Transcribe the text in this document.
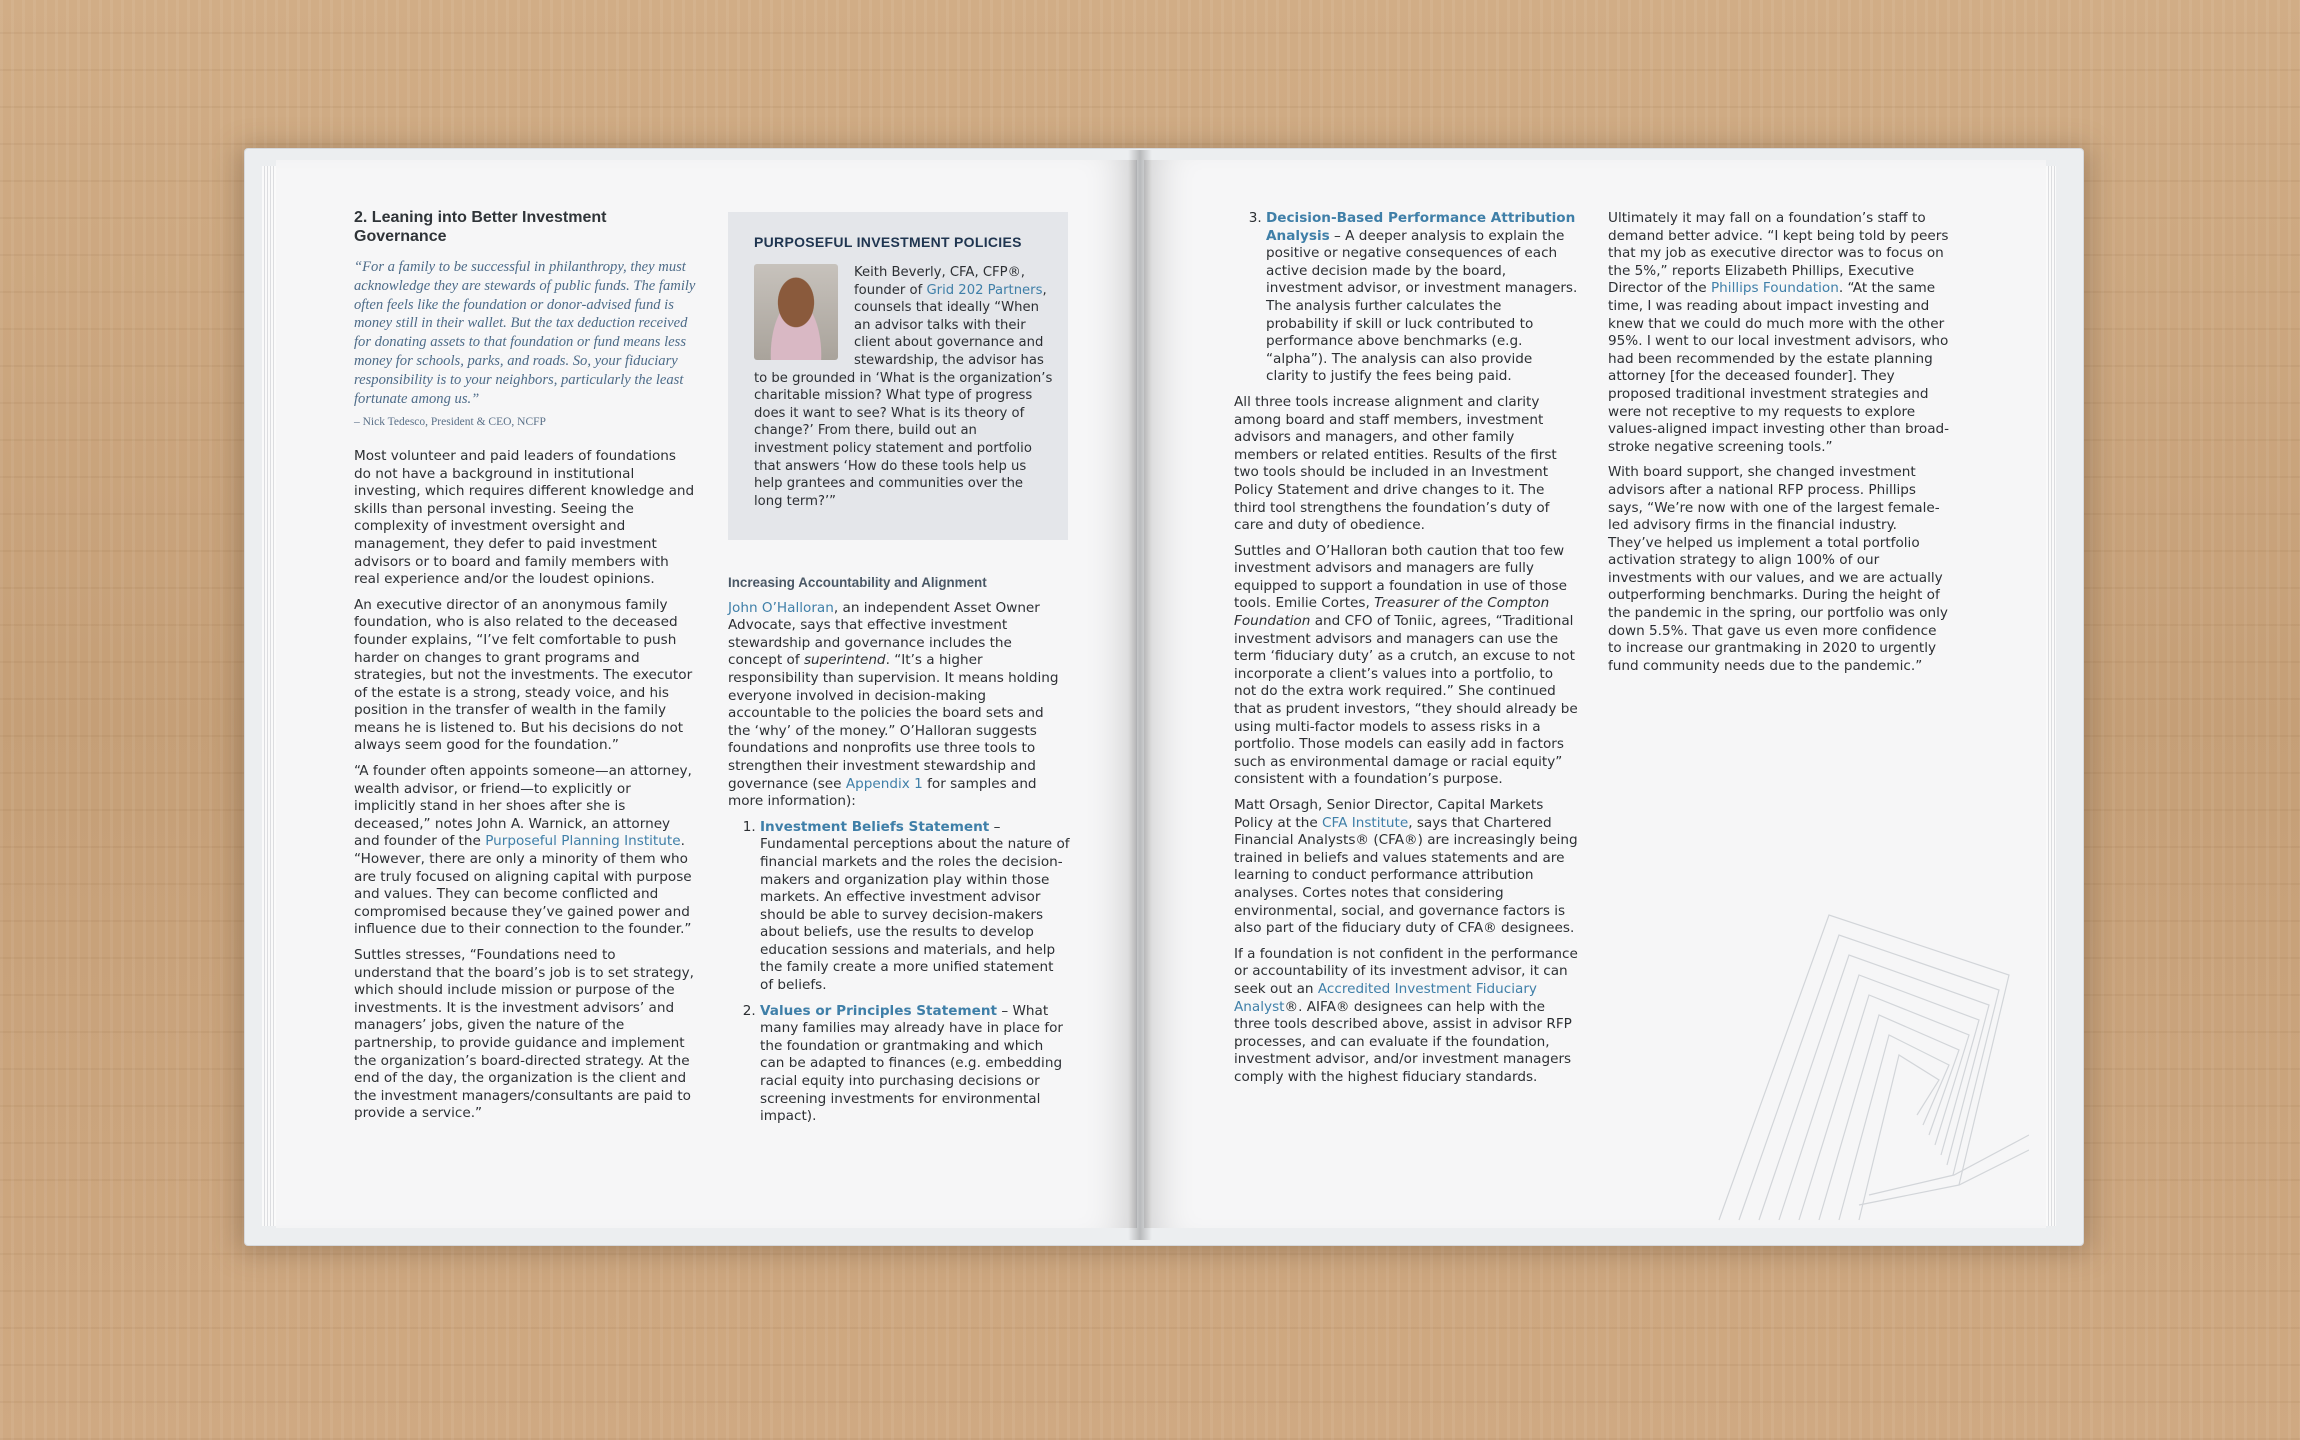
2. Leaning into Better Investment Governance
“For a family to be successful in philanthropy, they must acknowledge they are stewards of public funds. The family often feels like the foundation or donor-advised fund is money still in their wallet. But the tax deduction received for donating assets to that foundation or fund means less money for schools, parks, and roads. So, your fiduciary responsibility is to your neighbors, particularly the least fortunate among us.”
– Nick Tedesco, President & CEO, NCFP

Most volunteer and paid leaders of foundations do not have a background in institutional investing, which requires different knowledge and skills than personal investing. Seeing the complexity of investment oversight and management, they defer to paid investment advisors or to board and family members with real experience and/or the loudest opinions.

An executive director of an anonymous family foundation, who is also related to the deceased founder explains, “I’ve felt comfortable to push harder on changes to grant programs and strategies, but not the investments. The executor of the estate is a strong, steady voice, and his position in the transfer of wealth in the family means he is listened to. But his decisions do not always seem good for the foundation.”

“A founder often appoints someone—an attorney, wealth advisor, or friend—to explicitly or implicitly stand in her shoes after she is deceased,” notes John A. Warnick, an attorney and founder of the Purposeful Planning Institute. “However, there are only a minority of them who are truly focused on aligning capital with purpose and values. They can become conflicted and compromised because they’ve gained power and influence due to their connection to the founder.”

Suttles stresses, “Foundations need to understand that the board’s job is to set strategy, which should include mission or purpose of the investments. It is the investment advisors’ and managers’ jobs, given the nature of the partnership, to provide guidance and implement the organization’s board-directed strategy. At the end of the day, the organization is the client and the investment managers/consultants are paid to provide a service.”

PURPOSEFUL INVESTMENT POLICIES
Keith Beverly, CFA, CFP®, founder of Grid 202 Partners, counsels that ideally “When an advisor talks with their client about governance and stewardship, the advisor has to be grounded in ‘What is the organization’s charitable mission? What type of progress does it want to see? What is its theory of change?’ From there, build out an investment policy statement and portfolio that answers ‘How do these tools help us help grantees and communities over the long term?’”
Increasing Accountability and Alignment

John O’Halloran, an independent Asset Owner Advocate, says that effective investment stewardship and governance includes the concept of superintend. “It’s a higher responsibility than supervision. It means holding everyone involved in decision-making accountable to the policies the board sets and the ‘why’ of the money.” O’Halloran suggests foundations and nonprofits use three tools to strengthen their investment stewardship and governance (see Appendix 1 for samples and more information):

1. Investment Beliefs Statement – Fundamental perceptions about the nature of financial markets and the roles the decision-makers and organization play within those markets. An effective investment advisor should be able to survey decision-makers about beliefs, use the results to develop education sessions and materials, and help the family create a more unified statement of beliefs.
2. Values or Principles Statement – What many families may already have in place for the foundation or grantmaking and which can be adapted to finances (e.g. embedding racial equity into purchasing decisions or screening investments for environmental impact).
3. Decision-Based Performance Attribution Analysis – A deeper analysis to explain the positive or negative consequences of each active decision made by the board, investment advisor, or investment managers. The analysis further calculates the probability if skill or luck contributed to performance above benchmarks (e.g. “alpha”). The analysis can also provide clarity to justify the fees being paid.

All three tools increase alignment and clarity among board and staff members, investment advisors and managers, and other family members or related entities. Results of the first two tools should be included in an Investment Policy Statement and drive changes to it. The third tool strengthens the foundation’s duty of care and duty of obedience.

Suttles and O’Halloran both caution that too few investment advisors and managers are fully equipped to support a foundation in use of those tools. Emilie Cortes, Treasurer of the Compton Foundation and CFO of Toniic, agrees, “Traditional investment advisors and managers can use the term ‘fiduciary duty’ as a crutch, an excuse to not incorporate a client’s values into a portfolio, to not do the extra work required.” She continued that as prudent investors, “they should already be using multi-factor models to assess risks in a portfolio. Those models can easily add in factors such as environmental damage or racial equity” consistent with a foundation’s purpose.

Matt Orsagh, Senior Director, Capital Markets Policy at the CFA Institute, says that Chartered Financial Analysts® (CFA®) are increasingly being trained in beliefs and values statements and are learning to conduct performance attribution analyses. Cortes notes that considering environmental, social, and governance factors is also part of the fiduciary duty of CFA® designees.

If a foundation is not confident in the performance or accountability of its investment advisor, it can seek out an Accredited Investment Fiduciary Analyst®. AIFA® designees can help with the three tools described above, assist in advisor RFP processes, and can evaluate if the foundation, investment advisor, and/or investment managers comply with the highest fiduciary standards.

Ultimately it may fall on a foundation’s staff to demand better advice. “I kept being told by peers that my job as executive director was to focus on the 5%,” reports Elizabeth Phillips, Executive Director of the Phillips Foundation. “At the same time, I was reading about impact investing and knew that we could do much more with the other 95%. I went to our local investment advisors, who had been recommended by the estate planning attorney [for the deceased founder]. They proposed traditional investment strategies and were not receptive to my requests to explore values-aligned impact investing other than broad-stroke negative screening tools.”

With board support, she changed investment advisors after a national RFP process. Phillips says, “We’re now with one of the largest female-led advisory firms in the financial industry. They’ve helped us implement a total portfolio activation strategy to align 100% of our investments with our values, and we are actually outperforming benchmarks. During the height of the pandemic in the spring, our portfolio was only down 5.5%. That gave us even more confidence to increase our grantmaking in 2020 to urgently fund community needs due to the pandemic.”
